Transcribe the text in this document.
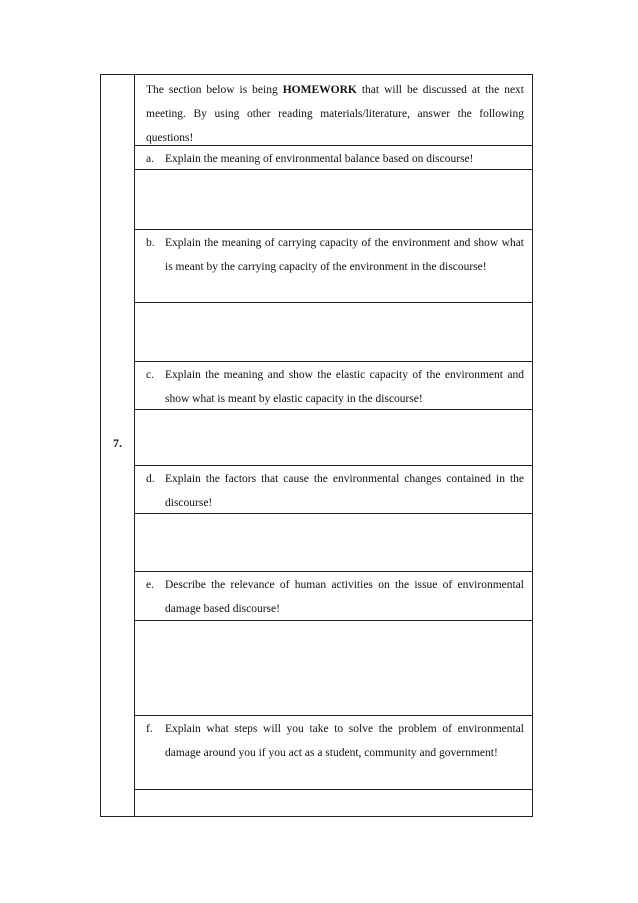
7.
The section below is being HOMEWORK that will be discussed at the next meeting. By using other reading materials/literature, answer the following questions!
a. Explain the meaning of environmental balance based on discourse!
b. Explain the meaning of carrying capacity of the environment and show what is meant by the carrying capacity of the environment in the discourse!
c. Explain the meaning and show the elastic capacity of the environment and show what is meant by elastic capacity in the discourse!
d. Explain the factors that cause the environmental changes contained in the discourse!
e. Describe the relevance of human activities on the issue of environmental damage based discourse!
f.	Explain what steps will you take to solve the problem of environmental damage around you if you act as a student, community and government!
